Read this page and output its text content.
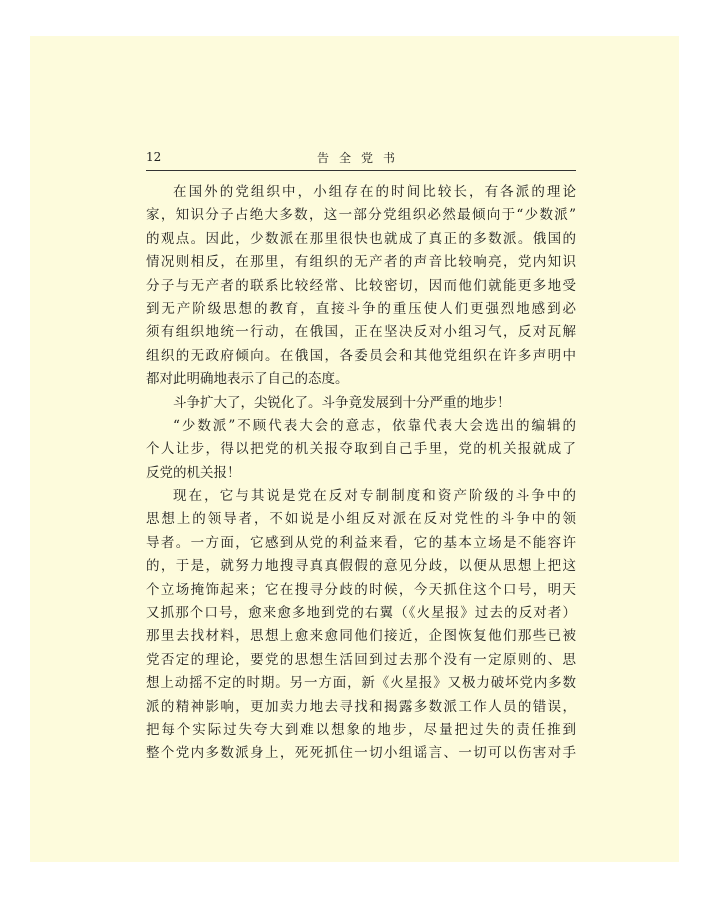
12	告全党书
在国外的党组织中，小组存在的时间比较长，有各派的理论
家，知识分子占绝大多数，这一部分党组织必然最倾向于“少数派”
的观点。因此，少数派在那里很快也就成了真正的多数派。俄国的
情况则相反，在那里，有组织的无产者的声音比较响亮，党内知识
分子与无产者的联系比较经常、比较密切，因而他们就能更多地受
到无产阶级思想的教育，直接斗争的重压使人们更强烈地感到必
须有组织地统一行动，在俄国，正在坚决反对小组习气，反对瓦解
组织的无政府倾向。在俄国，各委员会和其他党组织在许多声明中
都对此明确地表示了自己的态度。
斗争扩大了，尖锐化了。斗争竟发展到十分严重的地步！
“少数派”不顾代表大会的意志，依靠代表大会选出的编辑的
个人让步，得以把党的机关报夺取到自己手里，党的机关报就成了
反党的机关报！
现在，它与其说是党在反对专制制度和资产阶级的斗争中的
思想上的领导者，不如说是小组反对派在反对党性的斗争中的领
导者。一方面，它感到从党的利益来看，它的基本立场是不能容许
的，于是，就努力地搜寻真真假假的意见分歧，以便从思想上把这
个立场掩饰起来；它在搜寻分歧的时候，今天抓住这个口号，明天
又抓那个口号，愈来愈多地到党的右翼（《火星报》过去的反对者）
那里去找材料，思想上愈来愈同他们接近，企图恢复他们那些已被
党否定的理论，要党的思想生活回到过去那个没有一定原则的、思
想上动摇不定的时期。另一方面，新《火星报》又极力破坏党内多数
派的精神影响，更加卖力地去寻找和揭露多数派工作人员的错误，
把每个实际过失夸大到难以想象的地步，尽量把过失的责任推到
整个党内多数派身上，死死抓住一切小组谣言、一切可以伤害对手
